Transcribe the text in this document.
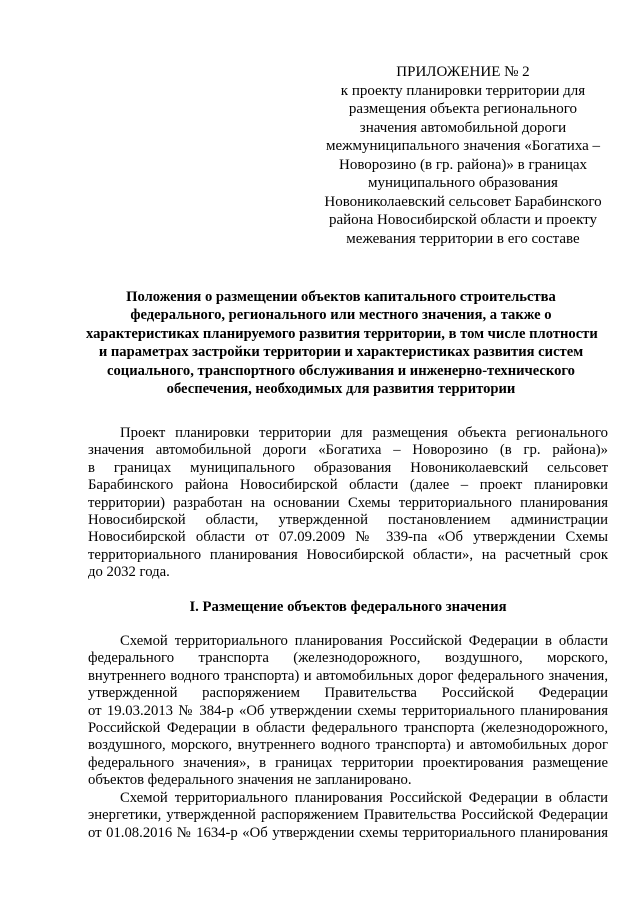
ПРИЛОЖЕНИЕ № 2
к проекту планировки территории для
размещения объекта регионального
значения автомобильной дороги
межмуниципального значения «Богатиха –
Новорозино (в гр. района)» в границах
муниципального образования
Новониколаевский сельсовет Барабинского
района Новосибирской области и проекту
межевания территории в его составе
Положения о размещении объектов капитального строительства
федерального, регионального или местного значения, а также о
характеристиках планируемого развития территории, в том числе плотности
и параметрах застройки территории и характеристиках развития систем
социального, транспортного обслуживания и инженерно-технического
обеспечения, необходимых для развития территории
Проект планировки территории для размещения объекта регионального
значения автомобильной дороги «Богатиха – Новорозино (в гр. района)»
в границах муниципального образования Новониколаевский сельсовет
Барабинского района Новосибирской области (далее – проект планировки
территории) разработан на основании Схемы территориального планирования
Новосибирской области, утвержденной постановлением администрации
Новосибирской области от 07.09.2009 № 339-па «Об утверждении Схемы
территориального планирования Новосибирской области», на расчетный срок
до 2032 года.
I. Размещение объектов федерального значения
Схемой территориального планирования Российской Федерации в области
федерального транспорта (железнодорожного, воздушного, морского,
внутреннего водного транспорта) и автомобильных дорог федерального значения,
утвержденной распоряжением Правительства Российской Федерации
от 19.03.2013 № 384-р «Об утверждении схемы территориального планирования
Российской Федерации в области федерального транспорта (железнодорожного,
воздушного, морского, внутреннего водного транспорта) и автомобильных дорог
федерального значения», в границах территории проектирования размещение
объектов федерального значения не запланировано.
Схемой территориального планирования Российской Федерации в области
энергетики, утвержденной распоряжением Правительства Российской Федерации
от 01.08.2016 № 1634-р «Об утверждении схемы территориального планирования
